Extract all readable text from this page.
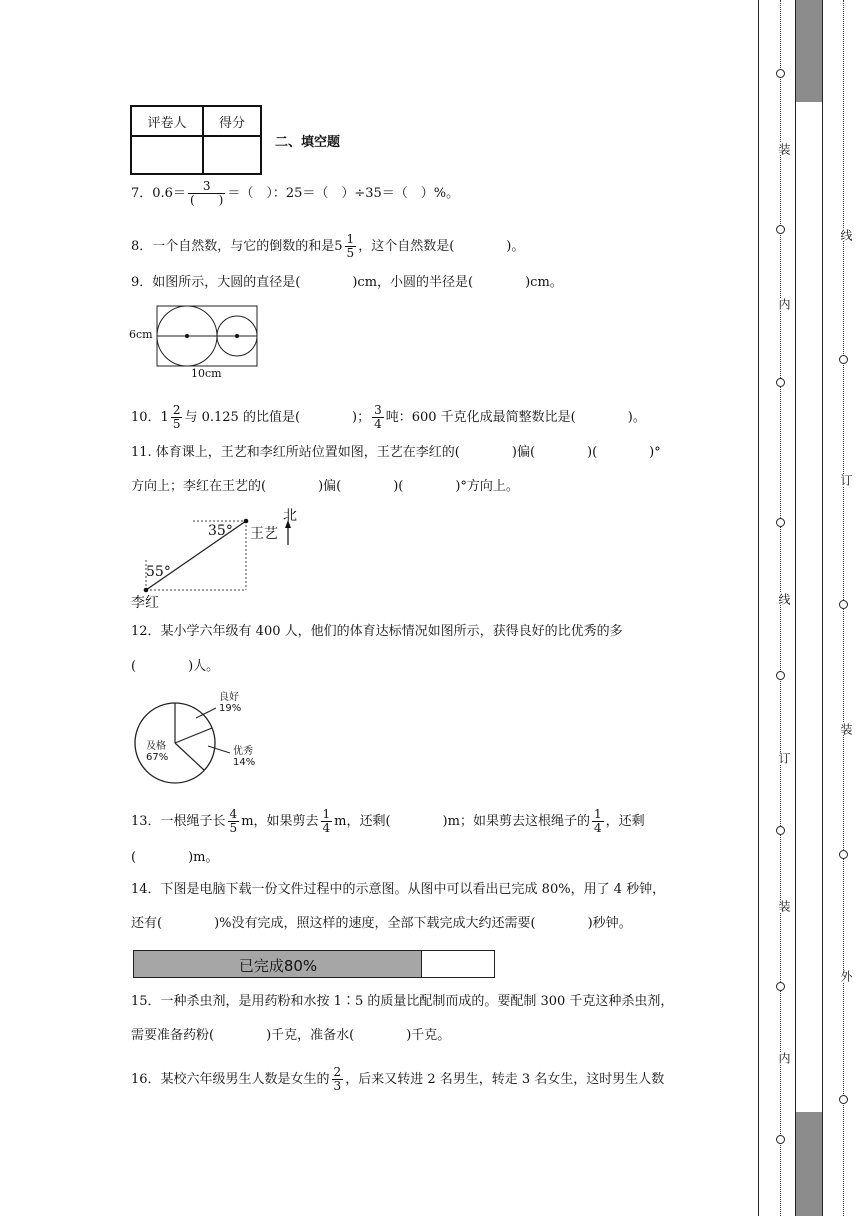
评卷人	得分

二、填空题
7．$0.6= \frac{3}{( )}$ ＝（　）：25＝（　）÷35＝（　）%。
8．一个自然数，与它的倒数的和是$5 \frac{1}{5}$ ，这个自然数是(　　　　)。
9．如图所示，大圆的直径是(　　　　)cm，小圆的半径是(　　　　)cm。
6cm
10cm
10．$1 \frac{2}{5}$ 与 0.125 的比值是(　　　　)； $\frac{3}{4}$ 吨：600 千克化成最简整数比是(　　　　)。
11. 体育课上，王艺和李红所站位置如图，王艺在李红的(　　　　)偏(　　　　)(　　　　)°
方向上；李红在王艺的(　　　　)偏(　　　　)(　　　　)°方向上。
北
王艺
35°
55°
李红
12．某小学六年级有 400 人，他们的体育达标情况如图所示，获得良好的比优秀的多
(　　　　)人。
良好
19%
及格
67%
优秀
14%
13．一根绳子长 $\frac{4}{5}$ m，如果剪去 $\frac{1}{4}$ m，还剩(　　　　)m；如果剪去这根绳子的 $\frac{1}{4}$ ，还剩
(　　　　)m。
14．下图是电脑下载一份文件过程中的示意图。从图中可以看出已完成 80%，用了 4 秒钟，
还有(　　　　)%没有完成，照这样的速度，全部下载完成大约还需要(　　　　)秒钟。
已完成80%
15．一种杀虫剂，是用药粉和水按 1∶5 的质量比配制而成的。要配制 300 千克这种杀虫剂，
需要准备药粉(　　　　)千克，准备水(　　　　)千克。
16．某校六年级男生人数是女生的 $\frac{2}{3}$ ，后来又转进 2 名男生，转走 3 名女生，这时男生人数
装
内
线
订
装
内
线
订
装
外
